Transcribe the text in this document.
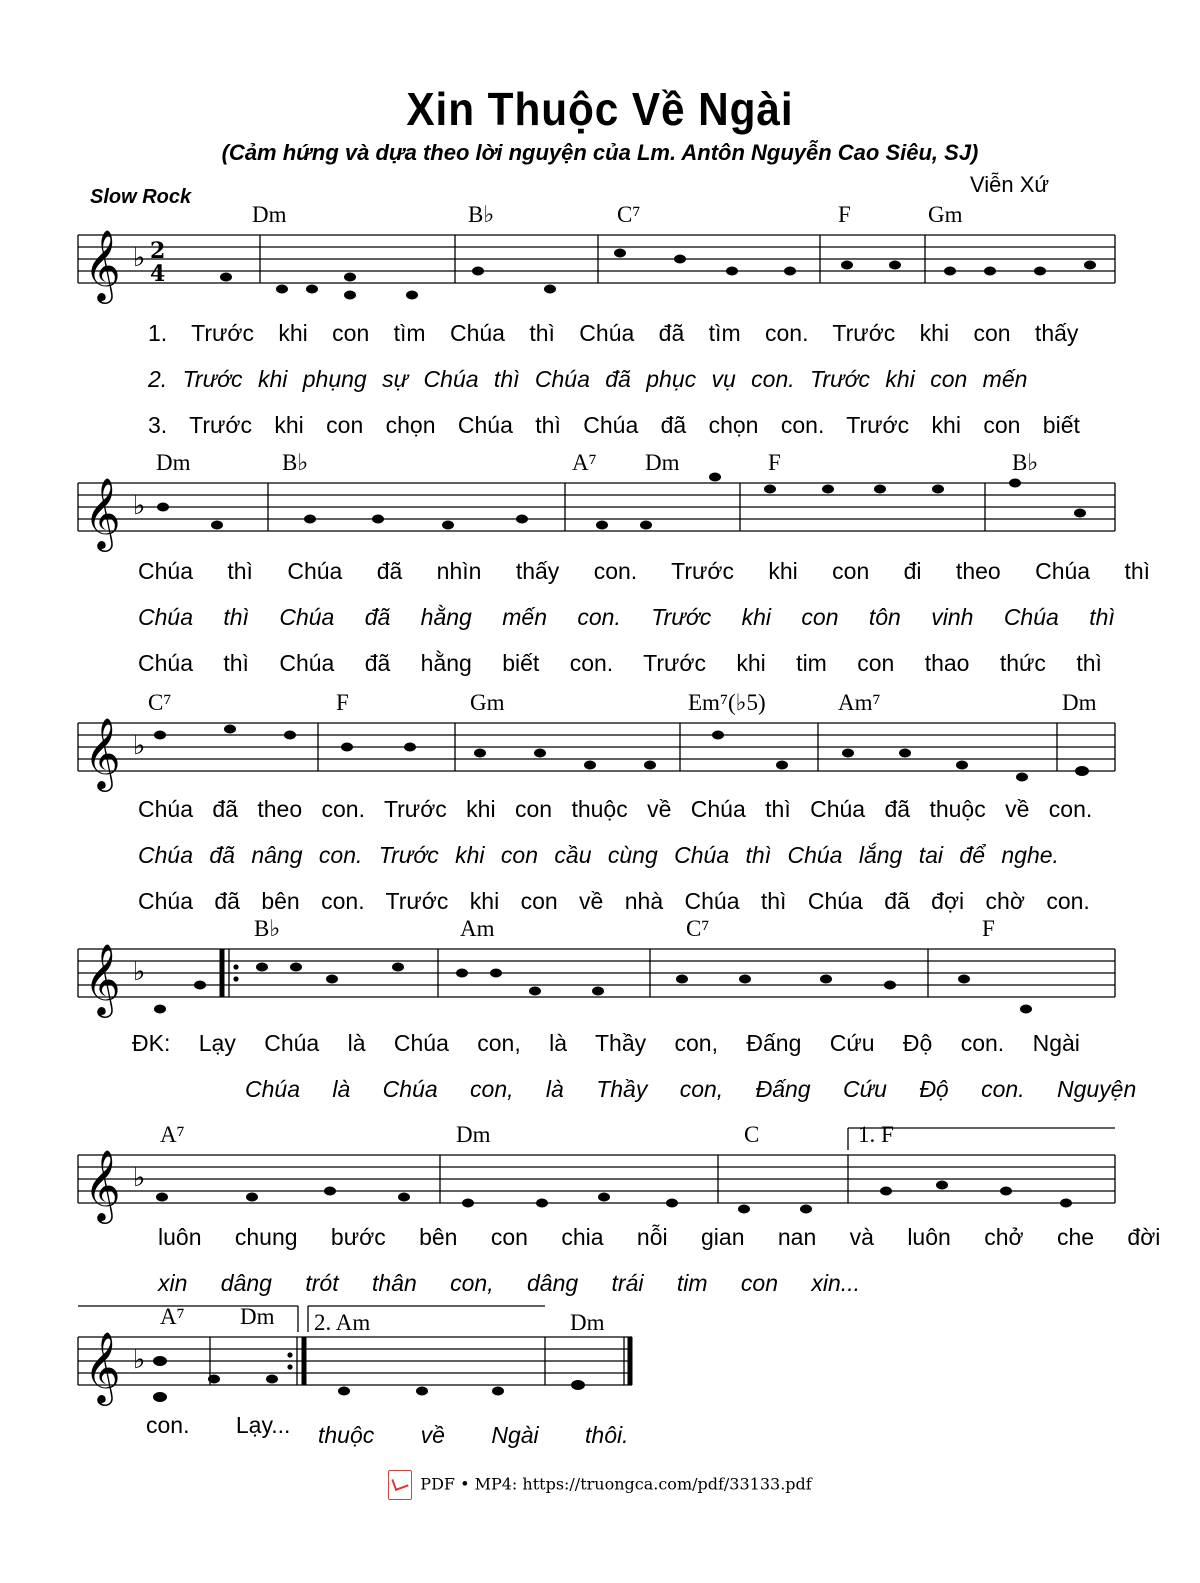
Xin Thuộc Về Ngài
(Cảm hứng và dựa theo lời nguyện của Lm. Antôn Nguyễn Cao Siêu, SJ)
Viễn Xứ
Slow Rock
𝄞 ♭ 2
4
Dm	B♭	C⁷	F	Gm
1. Trước khi con tìm Chúa thì Chúa đã tìm con. Trước khi con thấy
2. Trước khi phụng sự Chúa thì Chúa đã phục vụ con. Trước khi con mến
3. Trước khi con chọn Chúa thì Chúa đã chọn con. Trước khi con biết
𝄞 ♭
Dm	B♭	A⁷ Dm	F	B♭
Chúa thì Chúa đã nhìn thấy con. Trước khi con đi theo Chúa thì
Chúa thì Chúa đã hằng mến con. Trước khi con tôn vinh Chúa thì
Chúa thì Chúa đã hằng biết con. Trước khi tim con thao thức thì
𝄞 ♭
C⁷	F	Gm	Em⁷(♭5)	Am⁷	Dm
Chúa đã theo con. Trước khi con thuộc về Chúa thì Chúa đã thuộc về con.
Chúa đã nâng con. Trước khi con cầu cùng Chúa thì Chúa lắng tai để nghe.
Chúa đã bên con. Trước khi con về nhà Chúa thì Chúa đã đợi chờ con.
𝄞 ♭
B♭	Am	C⁷	F
ĐK: Lạy Chúa là Chúa con, là Thầy con, Đấng Cứu Độ con. Ngài
Chúa là Chúa con, là Thầy con, Đấng Cứu Độ con. Nguyện
𝄞 ♭
A⁷	Dm	C	1. F
luôn chung bước bên con chia nỗi gian nan và luôn chở che đời
xin dâng trót thân con, dâng trái tim con xin...
𝄞 ♭
A⁷ Dm 2. Am	Dm
con. Lạy... thuộc về Ngài thôi.
PDF • MP4: https://truongca.com/pdf/33133.pdf
